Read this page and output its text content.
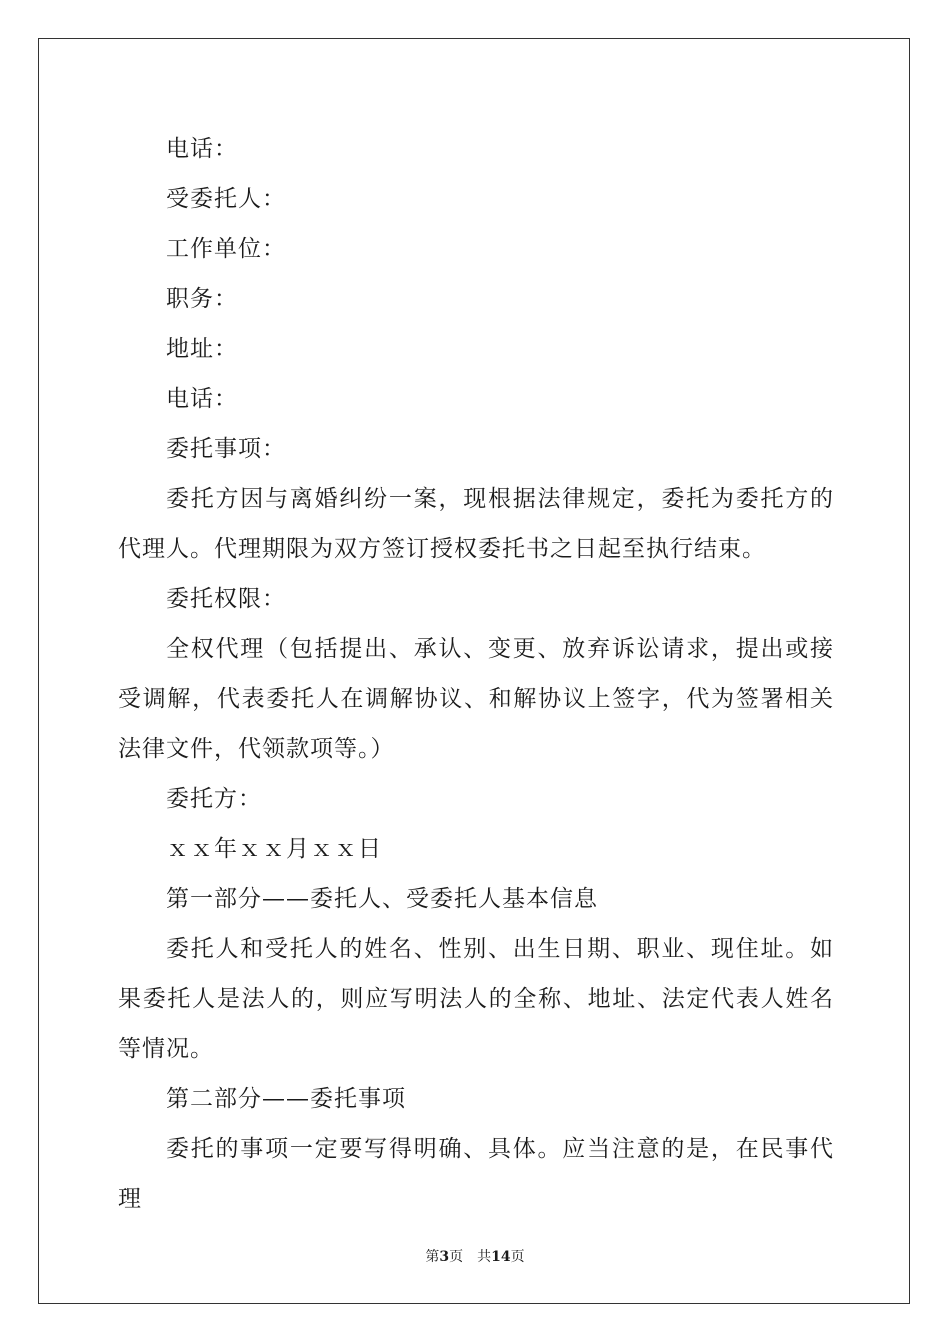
电话：

受委托人：

工作单位：

职务：

地址：

电话：

委托事项：

委托方因与离婚纠纷一案，现根据法律规定，委托为委托方的代理人。代理期限为双方签订授权委托书之日起至执行结束。

委托权限：

全权代理（包括提出、承认、变更、放弃诉讼请求，提出或接受调解，代表委托人在调解协议、和解协议上签字，代为签署相关法律文件，代领款项等。）

委托方：

ｘｘ年ｘｘ月ｘｘ日

第一部分——委托人、受委托人基本信息

委托人和受托人的姓名、性别、出生日期、职业、现住址。如果委托人是法人的，则应写明法人的全称、地址、法定代表人姓名等情况。

第二部分——委托事项

委托的事项一定要写得明确、具体。应当注意的是，在民事代理

第3页 共14页
